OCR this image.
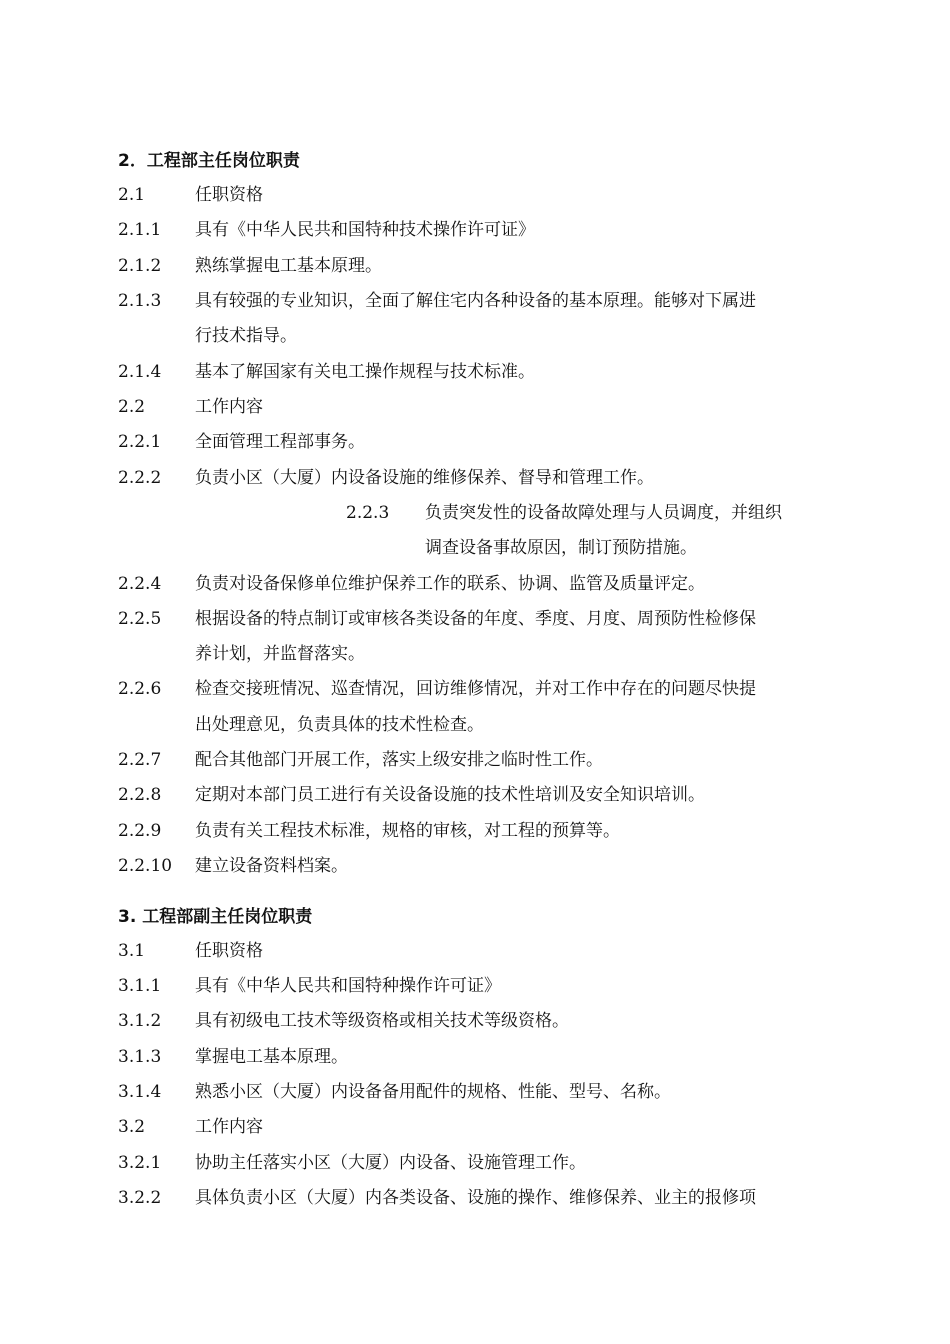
2．工程部主任岗位职责
2.1	任职资格
2.1.1 具有《中华人民共和国特种技术操作许可证》
2.1.2 熟练掌握电工基本原理。
2.1.3 具有较强的专业知识，全面了解住宅内各种设备的基本原理。能够对下属进
行技术指导。
2.1.4 基本了解国家有关电工操作规程与技术标准。
2.2	工作内容
2.2.1 全面管理工程部事务。
2.2.2 负责小区（大厦）内设备设施的维修保养、督导和管理工作。
2.2.3 负责突发性的设备故障处理与人员调度，并组织
调查设备事故原因，制订预防措施。
2.2.4 负责对设备保修单位维护保养工作的联系、协调、监管及质量评定。
2.2.5 根据设备的特点制订或审核各类设备的年度、季度、月度、周预防性检修保
养计划，并监督落实。
2.2.6 检查交接班情况、巡查情况，回访维修情况，并对工作中存在的问题尽快提
出处理意见，负责具体的技术性检查。
2.2.7 配合其他部门开展工作，落实上级安排之临时性工作。
2.2.8 定期对本部门员工进行有关设备设施的技术性培训及安全知识培训。
2.2.9 负责有关工程技术标准，规格的审核，对工程的预算等。
2.2.10 建立设备资料档案。
3. 工程部副主任岗位职责
3.1	任职资格
3.1.1 具有《中华人民共和国特种操作许可证》
3.1.2 具有初级电工技术等级资格或相关技术等级资格。
3.1.3 掌握电工基本原理。
3.1.4 熟悉小区（大厦）内设备备用配件的规格、性能、型号、名称。
3.2	工作内容
3.2.1 协助主任落实小区（大厦）内设备、设施管理工作。
3.2.2 具体负责小区（大厦）内各类设备、设施的操作、维修保养、业主的报修项
